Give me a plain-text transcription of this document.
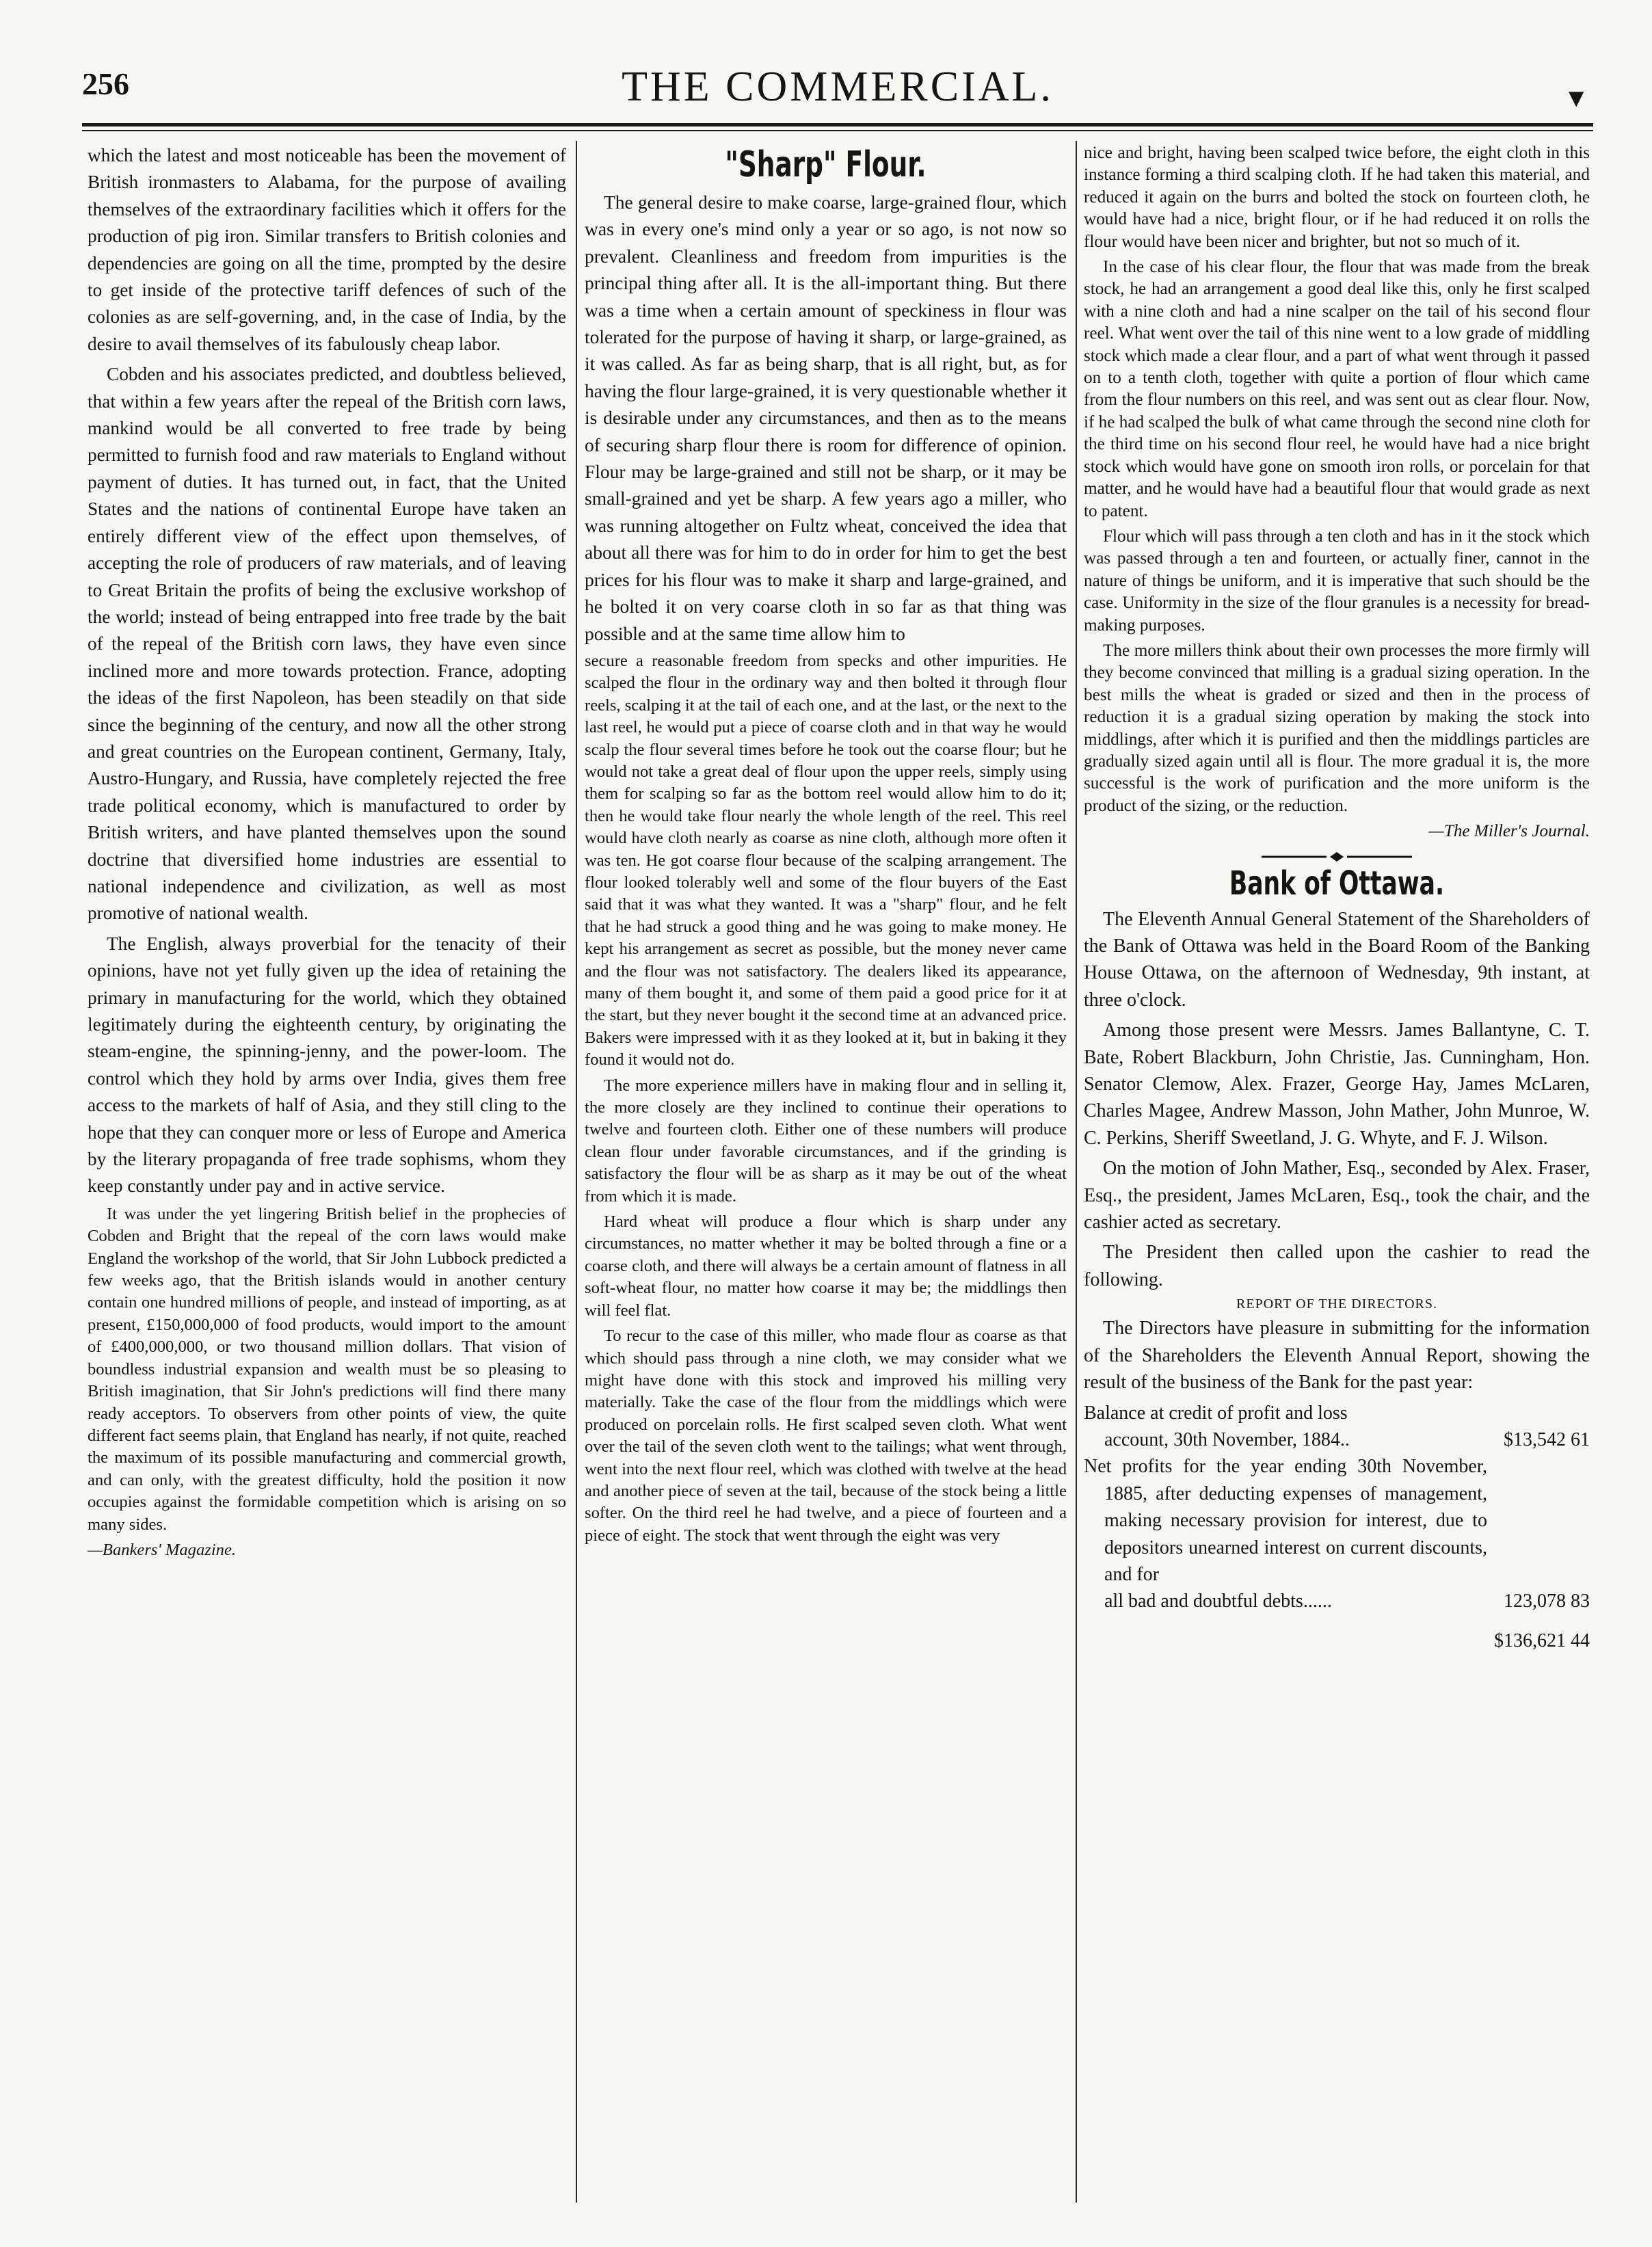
256	THE COMMERCIAL.	▼

which the latest and most noticeable has been the movement of British ironmasters to Alabama, for the purpose of availing themselves of the extraordinary facilities which it offers for the production of pig iron. Similar transfers to British colonies and dependencies are going on all the time, prompted by the desire to get inside of the protective tariff defences of such of the colonies as are self-governing, and, in the case of India, by the desire to avail themselves of its fabulously cheap labor.

Cobden and his associates predicted, and doubtless believed, that within a few years after the repeal of the British corn laws, mankind would be all converted to free trade by being permitted to furnish food and raw materials to England without payment of duties. It has turned out, in fact, that the United States and the nations of continental Europe have taken an entirely different view of the effect upon themselves, of accepting the role of producers of raw materials, and of leaving to Great Britain the profits of being the exclusive workshop of the world; instead of being entrapped into free trade by the bait of the repeal of the British corn laws, they have even since inclined more and more towards protection. France, adopting the ideas of the first Napoleon, has been steadily on that side since the beginning of the century, and now all the other strong and great countries on the European continent, Germany, Italy, Austro-Hungary, and Russia, have completely rejected the free trade political economy, which is manufactured to order by British writers, and have planted themselves upon the sound doctrine that diversified home industries are essential to national independence and civilization, as well as most promotive of national wealth.

The English, always proverbial for the tenacity of their opinions, have not yet fully given up the idea of retaining the primary in manufacturing for the world, which they obtained legitimately during the eighteenth century, by originating the steam-engine, the spinning-jenny, and the power-loom. The control which they hold by arms over India, gives them free access to the markets of half of Asia, and they still cling to the hope that they can conquer more or less of Europe and America by the literary propaganda of free trade sophisms, whom they keep constantly under pay and in active service.

It was under the yet lingering British belief in the prophecies of Cobden and Bright that the repeal of the corn laws would make England the workshop of the world, that Sir John Lubbock predicted a few weeks ago, that the British islands would in another century contain one hundred millions of people, and instead of importing, as at present, £150,000,000 of food products, would import to the amount of £400,000,000, or two thousand million dollars. That vision of boundless industrial expansion and wealth must be so pleasing to British imagination, that Sir John's predictions will find there many ready acceptors. To observers from other points of view, the quite different fact seems plain, that England has nearly, if not quite, reached the maximum of its possible manufacturing and commercial growth, and can only, with the greatest difficulty, hold the position it now occupies against the formidable competition which is arising on so many sides.

—Bankers' Magazine.
"Sharp" Flour.

The general desire to make coarse, large-grained flour, which was in every one's mind only a year or so ago, is not now so prevalent. Cleanliness and freedom from impurities is the principal thing after all. It is the all-important thing. But there was a time when a certain amount of speckiness in flour was tolerated for the purpose of having it sharp, or large-grained, as it was called. As far as being sharp, that is all right, but, as for having the flour large-grained, it is very questionable whether it is desirable under any circumstances, and then as to the means of securing sharp flour there is room for difference of opinion. Flour may be large-grained and still not be sharp, or it may be small-grained and yet be sharp. A few years ago a miller, who was running altogether on Fultz wheat, conceived the idea that about all there was for him to do in order for him to get the best prices for his flour was to make it sharp and large-grained, and he bolted it on very coarse cloth in so far as that thing was possible and at the same time allow him to

secure a reasonable freedom from specks and other impurities. He scalped the flour in the ordinary way and then bolted it through flour reels, scalping it at the tail of each one, and at the last, or the next to the last reel, he would put a piece of coarse cloth and in that way he would scalp the flour several times before he took out the coarse flour; but he would not take a great deal of flour upon the upper reels, simply using them for scalping so far as the bottom reel would allow him to do it; then he would take flour nearly the whole length of the reel. This reel would have cloth nearly as coarse as nine cloth, although more often it was ten. He got coarse flour because of the scalping arrangement. The flour looked tolerably well and some of the flour buyers of the East said that it was what they wanted. It was a "sharp" flour, and he felt that he had struck a good thing and he was going to make money. He kept his arrangement as secret as possible, but the money never came and the flour was not satisfactory. The dealers liked its appearance, many of them bought it, and some of them paid a good price for it at the start, but they never bought it the second time at an advanced price. Bakers were impressed with it as they looked at it, but in baking it they found it would not do.

The more experience millers have in making flour and in selling it, the more closely are they inclined to continue their operations to twelve and fourteen cloth. Either one of these numbers will produce clean flour under favorable circumstances, and if the grinding is satisfactory the flour will be as sharp as it may be out of the wheat from which it is made.

Hard wheat will produce a flour which is sharp under any circumstances, no matter whether it may be bolted through a fine or a coarse cloth, and there will always be a certain amount of flatness in all soft-wheat flour, no matter how coarse it may be; the middlings then will feel flat.

To recur to the case of this miller, who made flour as coarse as that which should pass through a nine cloth, we may consider what we might have done with this stock and improved his milling very materially. Take the case of the flour from the middlings which were produced on porcelain rolls. He first scalped seven cloth. What went over the tail of the seven cloth went to the tailings; what went through, went into the next flour reel, which was clothed with twelve at the head and another piece of seven at the tail, because of the stock being a little softer. On the third reel he had twelve, and a piece of fourteen and a piece of eight. The stock that went through the eight was very

nice and bright, having been scalped twice before, the eight cloth in this instance forming a third scalping cloth. If he had taken this material, and reduced it again on the burrs and bolted the stock on fourteen cloth, he would have had a nice, bright flour, or if he had reduced it on rolls the flour would have been nicer and brighter, but not so much of it.

In the case of his clear flour, the flour that was made from the break stock, he had an arrangement a good deal like this, only he first scalped with a nine cloth and had a nine scalper on the tail of his second flour reel. What went over the tail of this nine went to a low grade of middling stock which made a clear flour, and a part of what went through it passed on to a tenth cloth, together with quite a portion of flour which came from the flour numbers on this reel, and was sent out as clear flour. Now, if he had scalped the bulk of what came through the second nine cloth for the third time on his second flour reel, he would have had a nice bright stock which would have gone on smooth iron rolls, or porcelain for that matter, and he would have had a beautiful flour that would grade as next to patent.

Flour which will pass through a ten cloth and has in it the stock which was passed through a ten and fourteen, or actually finer, cannot in the nature of things be uniform, and it is imperative that such should be the case. Uniformity in the size of the flour granules is a necessity for bread-making purposes.

The more millers think about their own processes the more firmly will they become convinced that milling is a gradual sizing operation. In the best mills the wheat is graded or sized and then in the process of reduction it is a gradual sizing operation by making the stock into middlings, after which it is purified and then the middlings particles are gradually sized again until all is flour. The more gradual it is, the more successful is the work of purification and the more uniform is the product of the sizing, or the reduction.

—The Miller's Journal.
Bank of Ottawa.

The Eleventh Annual General Statement of the Shareholders of the Bank of Ottawa was held in the Board Room of the Banking House Ottawa, on the afternoon of Wednesday, 9th instant, at three o'clock.

Among those present were Messrs. James Ballantyne, C. T. Bate, Robert Blackburn, John Christie, Jas. Cunningham, Hon. Senator Clemow, Alex. Frazer, George Hay, James McLaren, Charles Magee, Andrew Masson, John Mather, John Munroe, W. C. Perkins, Sheriff Sweetland, J. G. Whyte, and F. J. Wilson.

On the motion of John Mather, Esq., seconded by Alex. Fraser, Esq., the president, James McLaren, Esq., took the chair, and the cashier acted as secretary.

The President then called upon the cashier to read the following.

REPORT OF THE DIRECTORS.

The Directors have pleasure in submitting for the information of the Shareholders the Eleventh Annual Report, showing the result of the business of the Bank for the past year:

Balance at credit of profit and loss
account, 30th November, 1884..	$13,542 61
Net profits for the year ending 30th November, 1885, after deducting expenses of management, making necessary provision for interest, due to depositors unearned interest on current discounts, and for
all bad and doubtful debts......	123,078 83
$136,621 44
